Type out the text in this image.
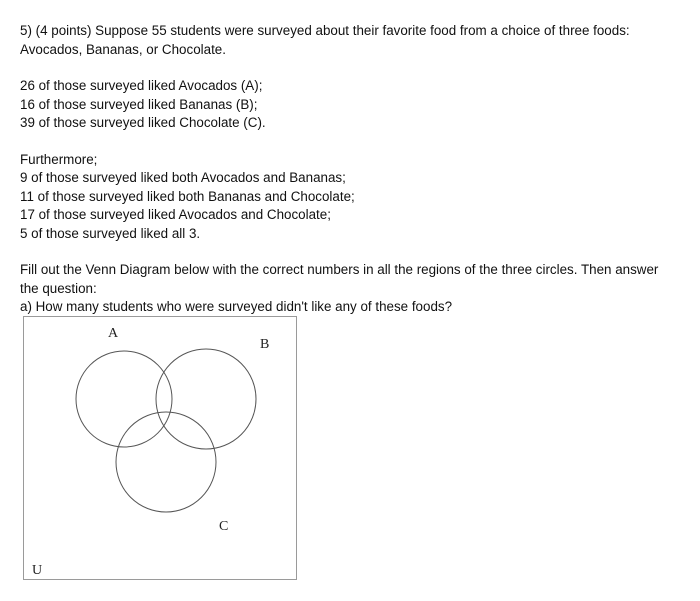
5) (4 points) Suppose 55 students were surveyed about their favorite food from a choice of three foods:
Avocados, Bananas, or Chocolate.

26 of those surveyed liked Avocados (A);
16 of those surveyed liked Bananas (B);
39 of those surveyed liked Chocolate (C).

Furthermore;
9 of those surveyed liked both Avocados and Bananas;
11 of those surveyed liked both Bananas and Chocolate;
17 of those surveyed liked Avocados and Chocolate;
5 of those surveyed liked all 3.

Fill out the Venn Diagram below with the correct numbers in all the regions of the three circles. Then answer the question:
a) How many students who were surveyed didn't like any of these foods?

A
B
C
U
